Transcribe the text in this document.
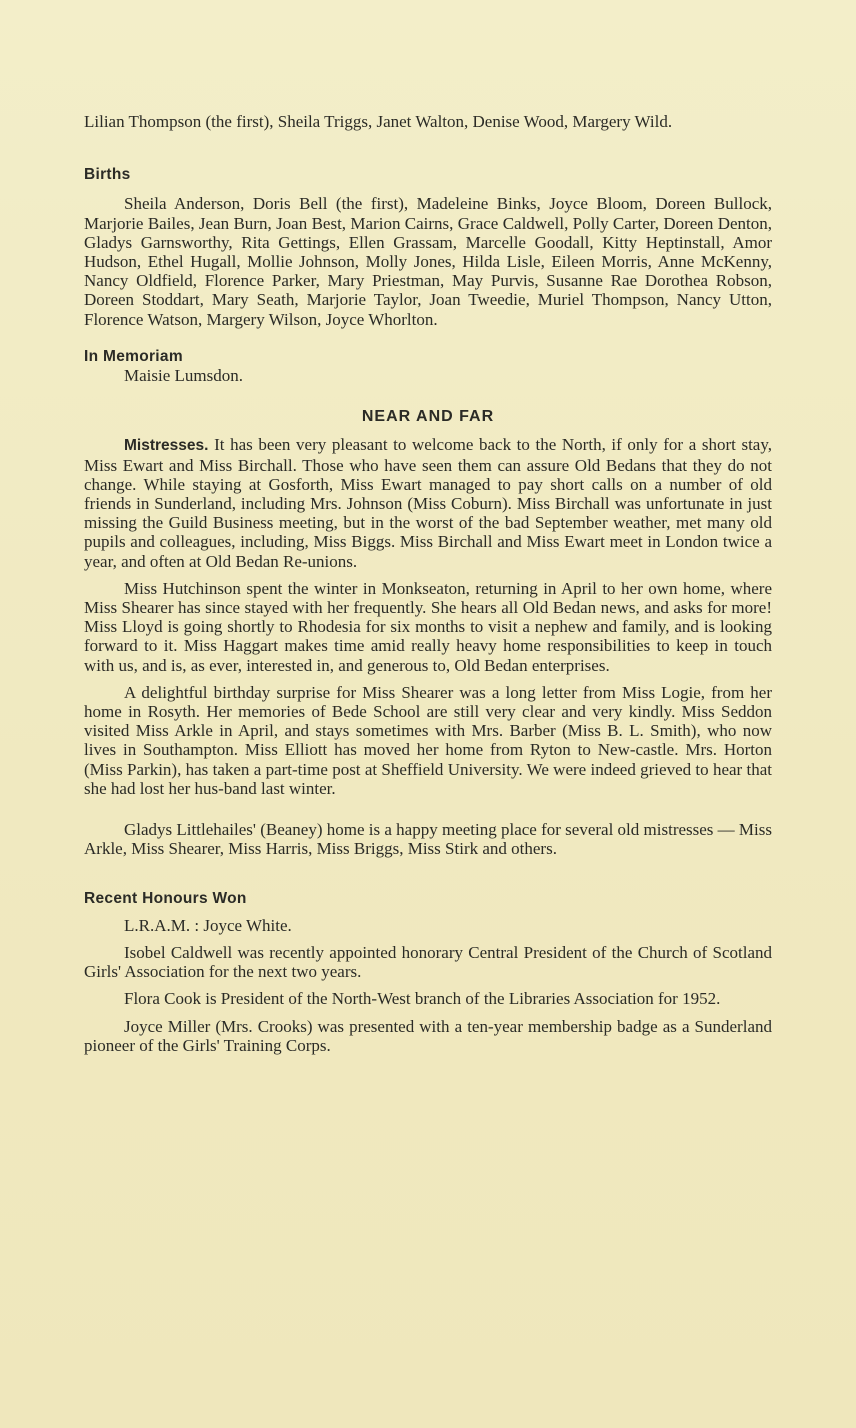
Lilian Thompson (the first), Sheila Triggs, Janet Walton, Denise Wood, Margery Wild.

Births

Sheila Anderson, Doris Bell (the first), Madeleine Binks, Joyce Bloom, Doreen Bullock, Marjorie Bailes, Jean Burn, Joan Best, Marion Cairns, Grace Caldwell, Polly Carter, Doreen Denton, Gladys Garnsworthy, Rita Gettings, Ellen Grassam, Marcelle Goodall, Kitty Heptinstall, Amor Hudson, Ethel Hugall, Mollie Johnson, Molly Jones, Hilda Lisle, Eileen Morris, Anne McKenny, Nancy Oldfield, Florence Parker, Mary Priestman, May Purvis, Susanne Rae Dorothea Robson, Doreen Stoddart, Mary Seath, Marjorie Taylor, Joan Tweedie, Muriel Thompson, Nancy Utton, Florence Watson, Margery Wilson, Joyce Whorlton.

In Memoriam

Maisie Lumsdon.

NEAR AND FAR

Mistresses. It has been very pleasant to welcome back to the North, if only for a short stay, Miss Ewart and Miss Birchall. Those who have seen them can assure Old Bedans that they do not change. While staying at Gosforth, Miss Ewart managed to pay short calls on a number of old friends in Sunderland, including Mrs. Johnson (Miss Coburn). Miss Birchall was unfortunate in just missing the Guild Business meeting, but in the worst of the bad September weather, met many old pupils and colleagues, including, Miss Biggs. Miss Birchall and Miss Ewart meet in London twice a year, and often at Old Bedan Re-unions.

Miss Hutchinson spent the winter in Monkseaton, returning in April to her own home, where Miss Shearer has since stayed with her frequently. She hears all Old Bedan news, and asks for more! Miss Lloyd is going shortly to Rhodesia for six months to visit a nephew and family, and is looking forward to it. Miss Haggart makes time amid really heavy home responsibilities to keep in touch with us, and is, as ever, interested in, and generous to, Old Bedan enterprises.

A delightful birthday surprise for Miss Shearer was a long letter from Miss Logie, from her home in Rosyth. Her memories of Bede School are still very clear and very kindly. Miss Seddon visited Miss Arkle in April, and stays sometimes with Mrs. Barber (Miss B. L. Smith), who now lives in Southampton. Miss Elliott has moved her home from Ryton to New-castle. Mrs. Horton (Miss Parkin), has taken a part-time post at Sheffield University. We were indeed grieved to hear that she had lost her hus-band last winter.

Gladys Littlehailes' (Beaney) home is a happy meeting place for several old mistresses — Miss Arkle, Miss Shearer, Miss Harris, Miss Briggs, Miss Stirk and others.

Recent Honours Won

L.R.A.M. : Joyce White.

Isobel Caldwell was recently appointed honorary Central President of the Church of Scotland Girls' Association for the next two years.

Flora Cook is President of the North-West branch of the Libraries Association for 1952.

Joyce Miller (Mrs. Crooks) was presented with a ten-year membership badge as a Sunderland pioneer of the Girls' Training Corps.
